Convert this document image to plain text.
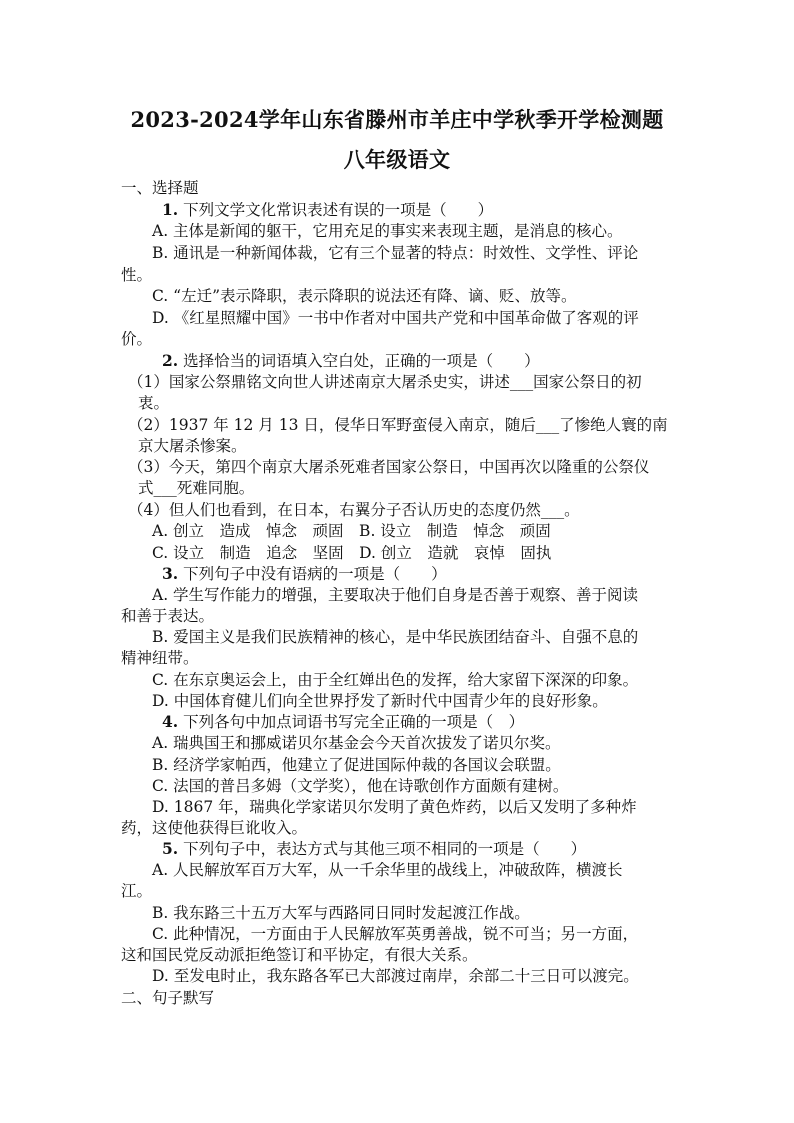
2023-2024学年山东省滕州市羊庄中学秋季开学检测题
八年级语文
一、选择题
1. 下列文学文化常识表述有误的一项是（　　）
A. 主体是新闻的躯干，它用充足的事实来表现主题，是消息的核心。
B. 通讯是一种新闻体裁，它有三个显著的特点：时效性、文学性、评论
性。
C. “左迁”表示降职，表示降职的说法还有降、谪、贬、放等。
D. 《红星照耀中国》一书中作者对中国共产党和中国革命做了客观的评
价。
2. 选择恰当的词语填入空白处，正确的一项是（　　）
（1）国家公祭鼎铭文向世人讲述南京大屠杀史实，讲述___国家公祭日的初
衷。
（2）1937 年 12 月 13 日，侵华日军野蛮侵入南京，随后___了惨绝人寰的南
京大屠杀惨案。
（3）今天，第四个南京大屠杀死难者国家公祭日，中国再次以隆重的公祭仪
式___死难同胞。
（4）但人们也看到，在日本，右翼分子否认历史的态度仍然___。
A. 创立　造成　悼念　顽固　B. 设立　制造　悼念　顽固
C. 设立　制造　追念　坚固　D. 创立　造就　哀悼　固执
3. 下列句子中没有语病的一项是（　　）
A. 学生写作能力的增强，主要取决于他们自身是否善于观察、善于阅读
和善于表达。
B. 爱国主义是我们民族精神的核心，是中华民族团结奋斗、自强不息的
精神纽带。
C. 在东京奥运会上，由于全红婵出色的发挥，给大家留下深深的印象。
D. 中国体育健儿们向全世界抒发了新时代中国青少年的良好形象。
4. 下列各句中加点词语书写完全正确的一项是（　）
A. 瑞典国王和挪威诺贝尔基金会今天首次拔发了诺贝尔奖。
B. 经济学家帕西，他建立了促进国际仲裁的各国议会联盟。
C. 法国的普吕多姆（文学奖），他在诗歌创作方面颇有建树。
D. 1867 年，瑞典化学家诺贝尔发明了黄色炸药，以后又发明了多种炸
药，这使他获得巨讹收入。
5. 下列句子中，表达方式与其他三项不相同的一项是（　　）
A. 人民解放军百万大军，从一千余华里的战线上，冲破敌阵，横渡长
江。
B. 我东路三十五万大军与西路同日同时发起渡江作战。
C. 此种情况，一方面由于人民解放军英勇善战，锐不可当；另一方面，
这和国民党反动派拒绝签订和平协定，有很大关系。
D. 至发电时止，我东路各军已大部渡过南岸，余部二十三日可以渡完。
二、句子默写
